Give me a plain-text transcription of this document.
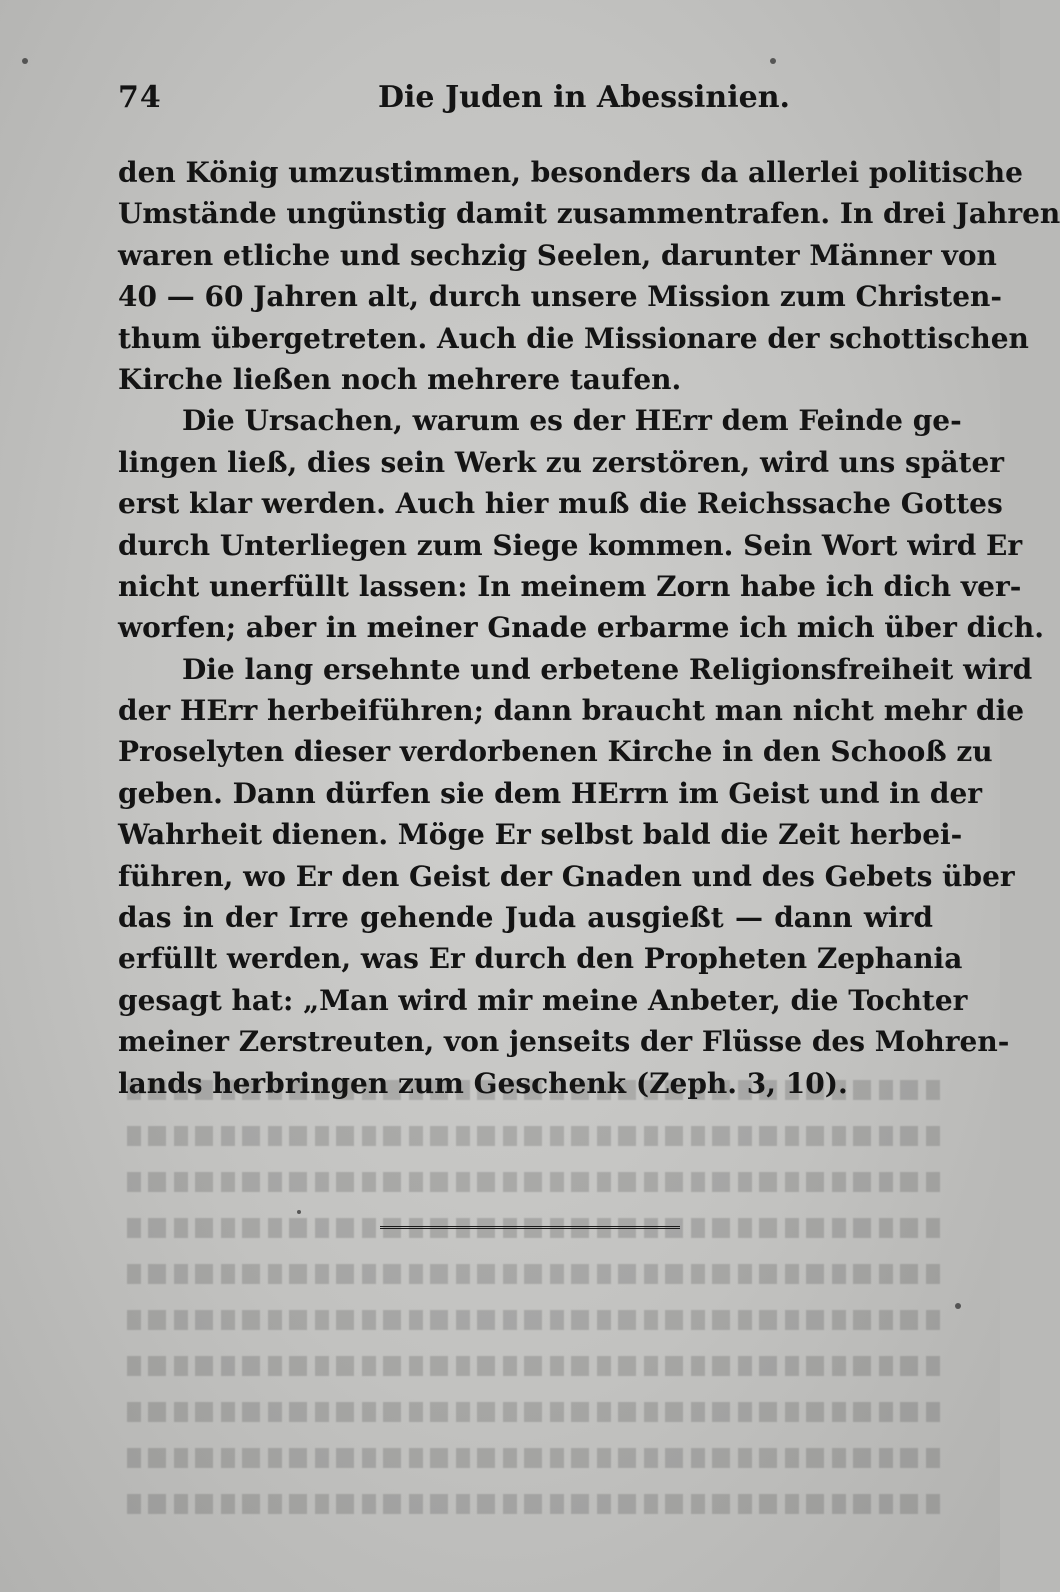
74	Die Juden in Abessinien.
den König umzustimmen, besonders da allerlei politische
Umstände ungünstig damit zusammentrafen. In drei Jahren
waren etliche und sechzig Seelen, darunter Männer von
40 — 60 Jahren alt, durch unsere Mission zum Christen-
thum übergetreten. Auch die Missionare der schottischen
Kirche ließen noch mehrere taufen.
Die Ursachen, warum es der HErr dem Feinde ge-
lingen ließ, dies sein Werk zu zerstören, wird uns später
erst klar werden. Auch hier muß die Reichssache Gottes
durch Unterliegen zum Siege kommen. Sein Wort wird Er
nicht unerfüllt lassen: In meinem Zorn habe ich dich ver-
worfen; aber in meiner Gnade erbarme ich mich über dich.
Die lang ersehnte und erbetene Religionsfreiheit wird
der HErr herbeiführen; dann braucht man nicht mehr die
Proselyten dieser verdorbenen Kirche in den Schooß zu
geben. Dann dürfen sie dem HErrn im Geist und in der
Wahrheit dienen. Möge Er selbst bald die Zeit herbei-
führen, wo Er den Geist der Gnaden und des Gebets über
das in der Irre gehende Juda ausgießt — dann wird
erfüllt werden, was Er durch den Propheten Zephania
gesagt hat: „Man wird mir meine Anbeter, die Tochter
meiner Zerstreuten, von jenseits der Flüsse des Mohren-
lands herbringen zum Geschenk (Zeph. 3, 10).
